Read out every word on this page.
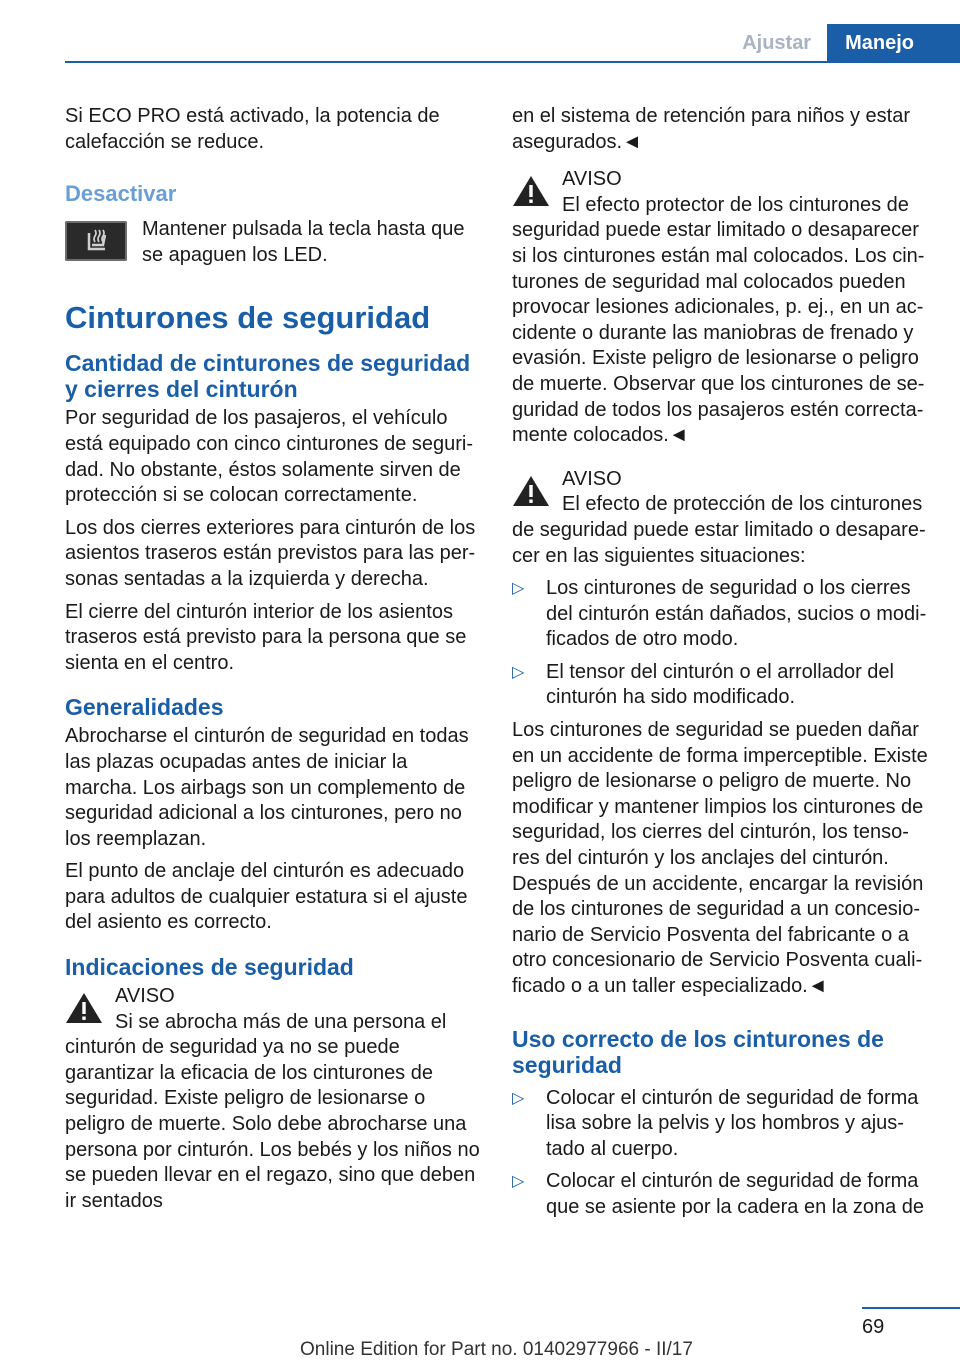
Ajustar	Manejo

Si ECO PRO está activado, la potencia de calefacción se reduce.

Desactivar
Mantener pulsada la tecla hasta que se apaguen los LED.
Cinturones de seguridad
Cantidad de cinturones de seguridad y cierres del cinturón

Por seguridad de los pasajeros, el vehículo está equipado con cinco cinturones de seguridad. No obstante, éstos solamente sirven de protección si se colocan correctamente.

Los dos cierres exteriores para cinturón de los asientos traseros están previstos para las personas sentadas a la izquierda y derecha.

El cierre del cinturón interior de los asientos traseros está previsto para la persona que se sienta en el centro.

Generalidades

Abrocharse el cinturón de seguridad en todas las plazas ocupadas antes de iniciar la marcha. Los airbags son un complemento de seguridad adicional a los cinturones, pero no los reemplazan.

El punto de anclaje del cinturón es adecuado para adultos de cualquier estatura si el ajuste del asiento es correcto.

Indicaciones de seguridad
AVISO
Si se abrocha más de una persona el cinturón de seguridad ya no se puede garantizar la eficacia de los cinturones de seguridad. Existe peligro de lesionarse o peligro de muerte. Solo debe abrocharse una persona por cinturón. Los bebés y los niños no se pueden llevar en el regazo, sino que deben ir sentados

en el sistema de retención para niños y estar asegurados.◄

AVISO
El efecto protector de los cinturones de seguridad puede estar limitado o desaparecer si los cinturones están mal colocados. Los cinturones de seguridad mal colocados pueden provocar lesiones adicionales, p. ej., en un accidente o durante las maniobras de frenado y evasión. Existe peligro de lesionarse o peligro de muerte. Observar que los cinturones de seguridad de todos los pasajeros estén correctamente colocados.◄
AVISO
El efecto de protección de los cinturones de seguridad puede estar limitado o desaparecer en las siguientes situaciones:
▷ Los cinturones de seguridad o los cierres del cinturón están dañados, sucios o modificados de otro modo.
▷ El tensor del cinturón o el arrollador del cinturón ha sido modificado.

Los cinturones de seguridad se pueden dañar en un accidente de forma imperceptible. Existe peligro de lesionarse o peligro de muerte. No modificar y mantener limpios los cinturones de seguridad, los cierres del cinturón, los tensores del cinturón y los anclajes del cinturón. Después de un accidente, encargar la revisión de los cinturones de seguridad a un concesionario de Servicio Posventa del fabricante o a otro concesionario de Servicio Posventa cualificado o a un taller especializado.◄

Uso correcto de los cinturones de seguridad
▷ Colocar el cinturón de seguridad de forma lisa sobre la pelvis y los hombros y ajustado al cuerpo.
▷ Colocar el cinturón de seguridad de forma que se asiente por la cadera en la zona de
69
Online Edition for Part no. 01402977966 - II/17
